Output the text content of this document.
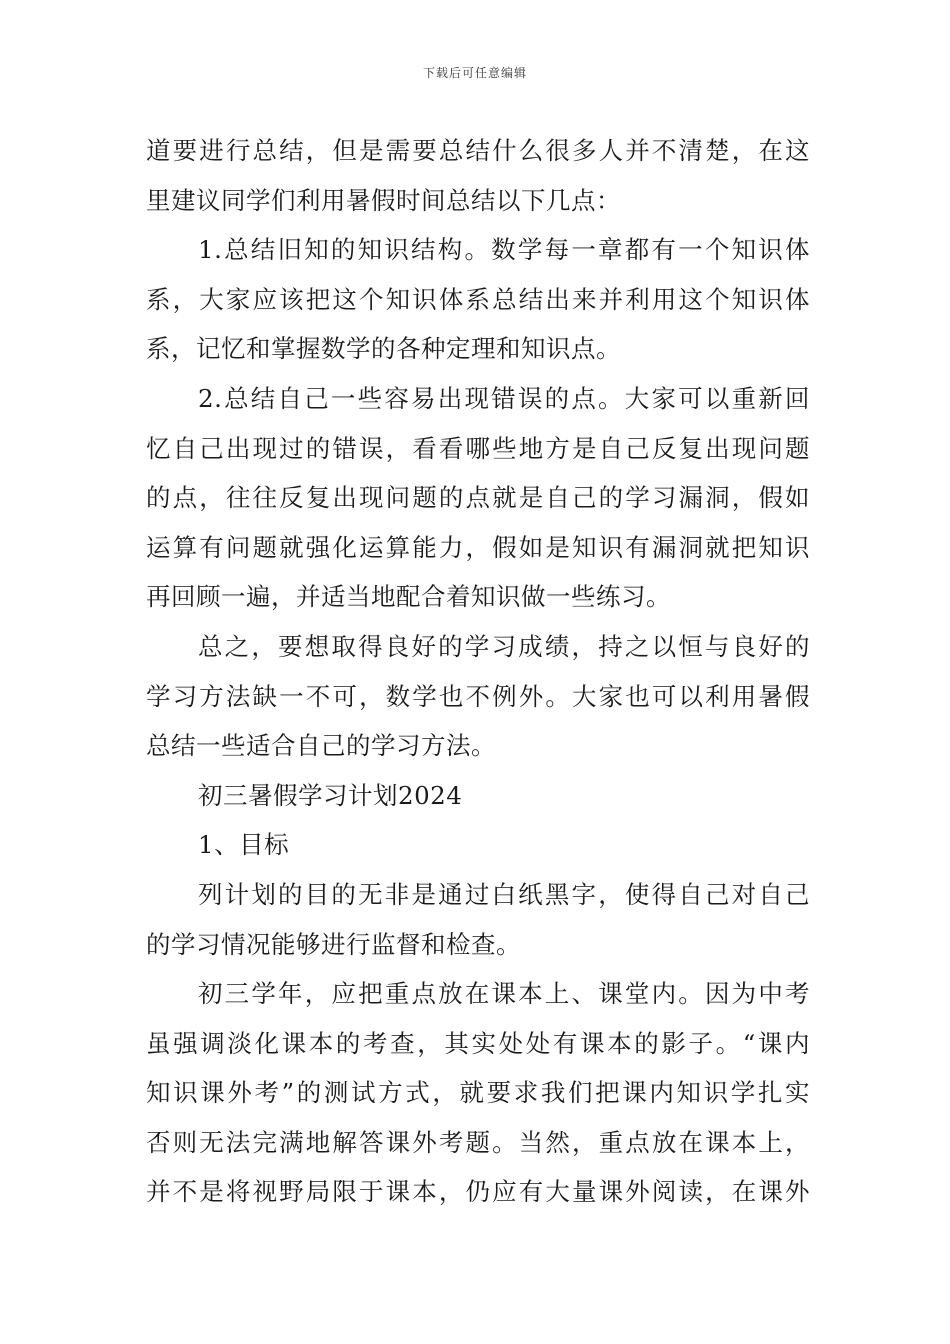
下载后可任意编辑
道要进行总结，但是需要总结什么很多人并不清楚，在这
里建议同学们利用暑假时间总结以下几点：
1.总结旧知的知识结构。数学每一章都有一个知识体
系，大家应该把这个知识体系总结出来并利用这个知识体
系，记忆和掌握数学的各种定理和知识点。
2.总结自己一些容易出现错误的点。大家可以重新回
忆自己出现过的错误，看看哪些地方是自己反复出现问题
的点，往往反复出现问题的点就是自己的学习漏洞，假如
运算有问题就强化运算能力，假如是知识有漏洞就把知识
再回顾一遍，并适当地配合着知识做一些练习。
总之，要想取得良好的学习成绩，持之以恒与良好的
学习方法缺一不可，数学也不例外。大家也可以利用暑假
总结一些适合自己的学习方法。
初三暑假学习计划2024
1、目标
列计划的目的无非是通过白纸黑字，使得自己对自己
的学习情况能够进行监督和检查。
初三学年，应把重点放在课本上、课堂内。因为中考
虽强调淡化课本的考查，其实处处有课本的影子。“课内
知识课外考”的测试方式，就要求我们把课内知识学扎实
否则无法完满地解答课外考题。当然，重点放在课本上，
并不是将视野局限于课本，仍应有大量课外阅读，在课外
